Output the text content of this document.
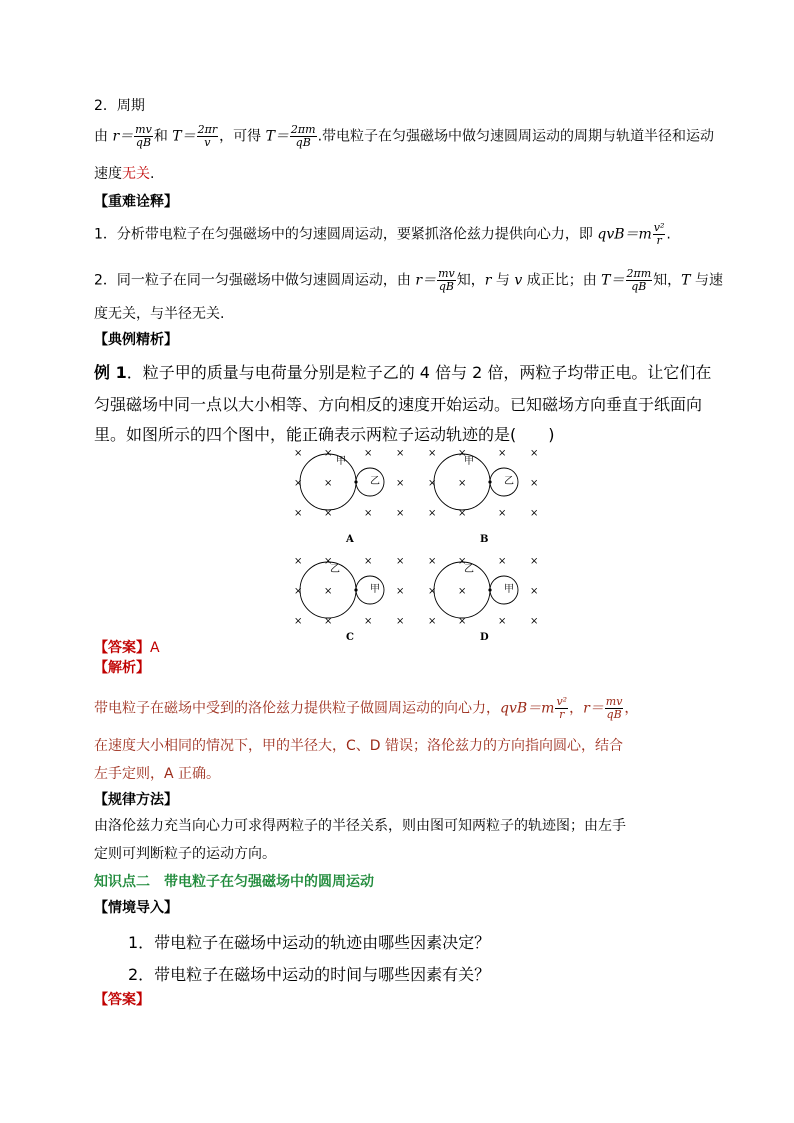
2．周期
由 $r= \frac{mv}{qB}$ 和 $T= \frac{2\pi r}{v}$ ，可得 $T= \frac{2\pi m}{qB}$ .带电粒子在匀强磁场中做匀速圆周运动的周期与轨道半径和运动
速度无关.
【重难诠释】
1．分析带电粒子在匀强磁场中的匀速圆周运动，要紧抓洛伦兹力提供向心力，即 $qvB=m \frac{\text{v²}}{r}$ .
2．同一粒子在同一匀强磁场中做匀速圆周运动，由 $r= \frac{mv}{qB}$ 知，r 与 v 成正比；由 $T= \frac{2\pi m}{qB}$ 知，T 与速
度无关，与半径无关.
【典例精析】
例 1．粒子甲的质量与电荷量分别是粒子乙的 4 倍与 2 倍，两粒子均带正电。让它们在
匀强磁场中同一点以大小相等、方向相反的速度开始运动。已知磁场方向垂直于纸面向
里。如图所示的四个图中，能正确表示两粒子运动轨迹的是(　　)
× ×	× ×
× ×	×
× ×	× ×
甲
乙
A
× ×	× ×
× ×	×
× ×	× ×
甲
乙
B
× ×	× ×
× ×	×
× ×	× ×
乙
甲
C
× ×	× ×
× ×	×
× ×	× ×
乙
甲
D
【答案】A
【解析】
带电粒子在磁场中受到的洛伦兹力提供粒子做圆周运动的向心力，$qvB=m \frac{\text{v²}}{r}$ ，$r= \frac{mv}{qB}$ ，
在速度大小相同的情况下，甲的半径大，C、D 错误；洛伦兹力的方向指向圆心，结合
左手定则，A 正确。
【规律方法】
由洛伦兹力充当向心力可求得两粒子的半径关系，则由图可知两粒子的轨迹图；由左手
定则可判断粒子的运动方向。
知识点二　带电粒子在匀强磁场中的圆周运动
【情境导入】
1．带电粒子在磁场中运动的轨迹由哪些因素决定？
2．带电粒子在磁场中运动的时间与哪些因素有关？
【答案】
